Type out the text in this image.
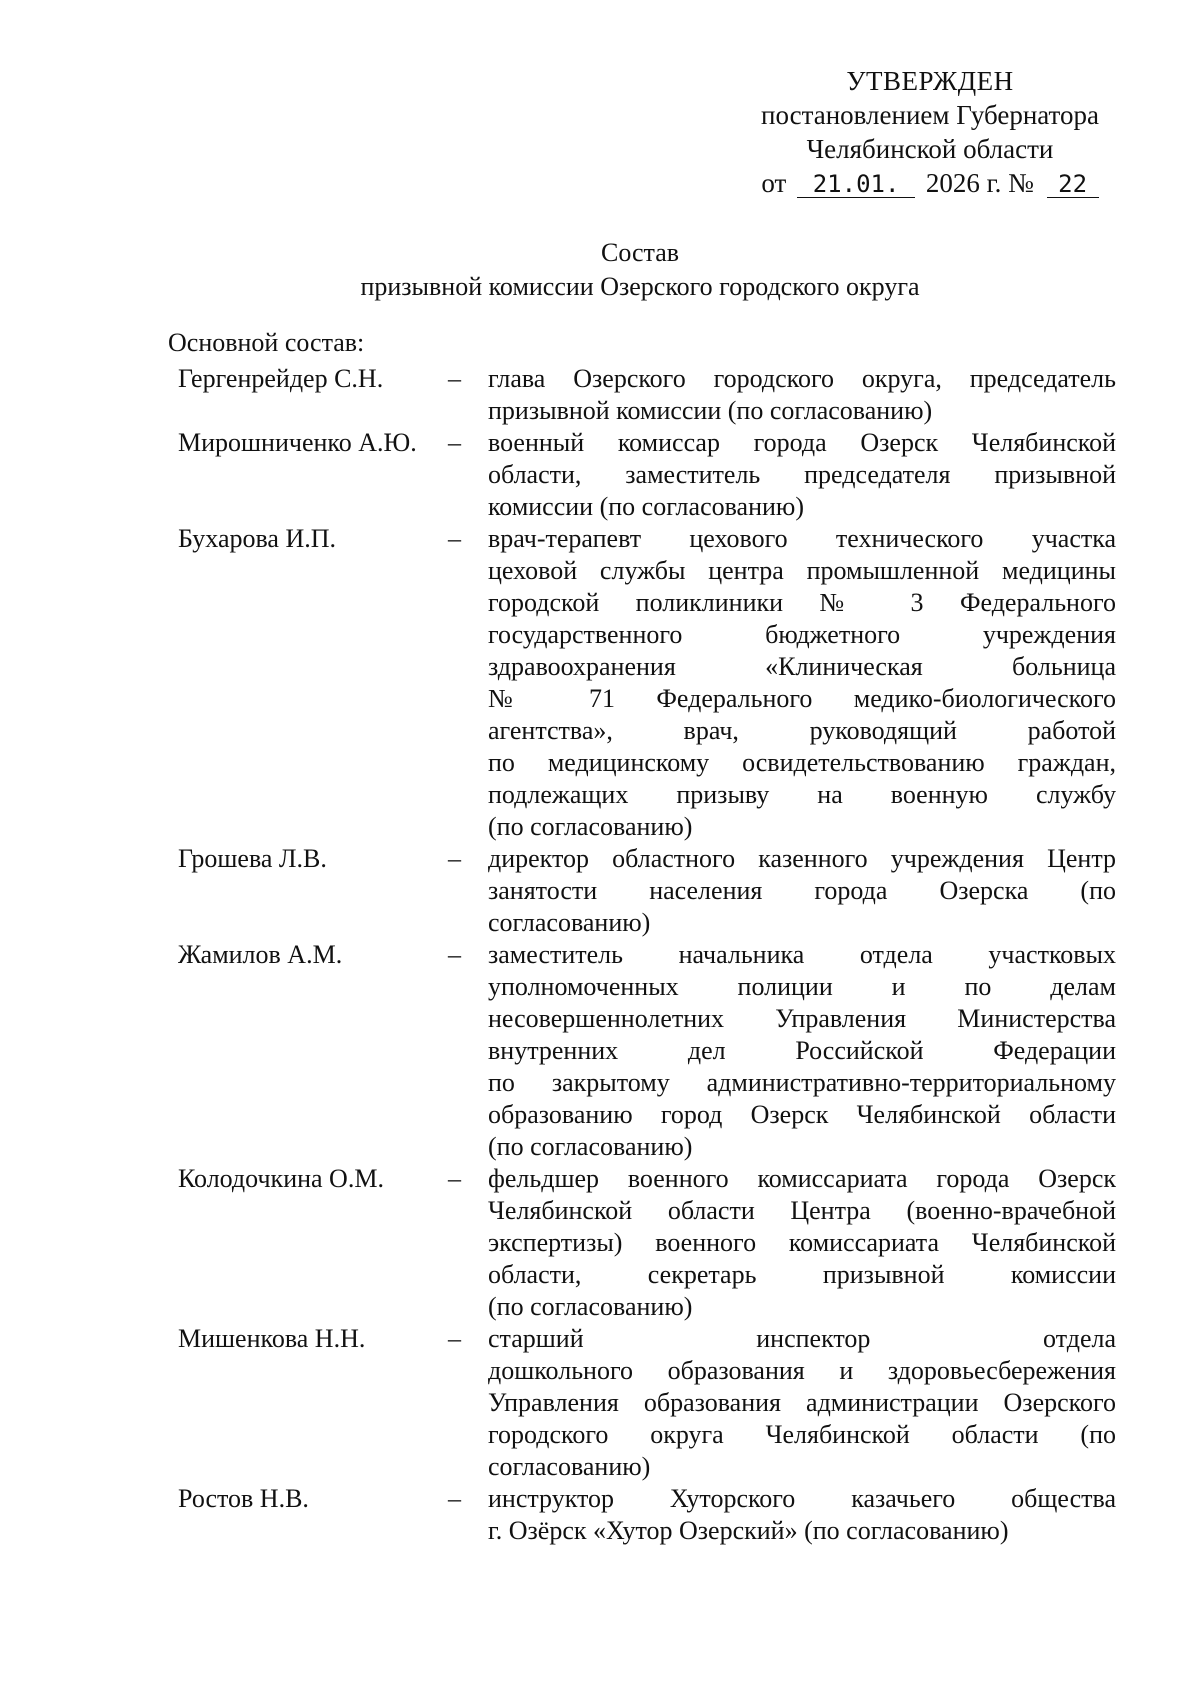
УТВЕРЖДЕН
постановлением Губернатора
Челябинской области
от 21.01. 2026 г. № 22
Состав
призывной комиссии Озерского городского округа
Основной состав:
Гергенрейдер С.Н.	–	глава Озерского городского округа, председатель
призывной комиссии (по согласованию)
Мирошниченко А.Ю.	–	военный комиссар города Озерск Челябинской
области, заместитель председателя призывной
комиссии (по согласованию)
Бухарова И.П.	–	врач-терапевт цехового технического участка
цеховой службы центра промышленной медицины
городской поликлиники № 3 Федерального
государственного бюджетного учреждения
здравоохранения «Клиническая больница
№ 71 Федерального медико-биологического
агентства», врач, руководящий работой
по медицинскому освидетельствованию граждан,
подлежащих призыву на военную службу
(по согласованию)
Грошева Л.В.	–	директор областного казенного учреждения Центр
занятости населения города Озерска (по
согласованию)
Жамилов А.М.	–	заместитель начальника отдела участковых
уполномоченных полиции и по делам
несовершеннолетних Управления Министерства
внутренних дел Российской Федерации
по закрытому административно-территориальному
образованию город Озерск Челябинской области
(по согласованию)
Колодочкина О.М.	–	фельдшер военного комиссариата города Озерск
Челябинской области Центра (военно-врачебной
экспертизы) военного комиссариата Челябинской
области, секретарь призывной комиссии
(по согласованию)
Мишенкова Н.Н.	–	старший инспектор отдела
дошкольного образования и здоровьесбережения
Управления образования администрации Озерского
городского округа Челябинской области (по
согласованию)
Ростов Н.В.	–	инструктор Хуторского казачьего общества
г. Озёрск «Хутор Озерский» (по согласованию)
